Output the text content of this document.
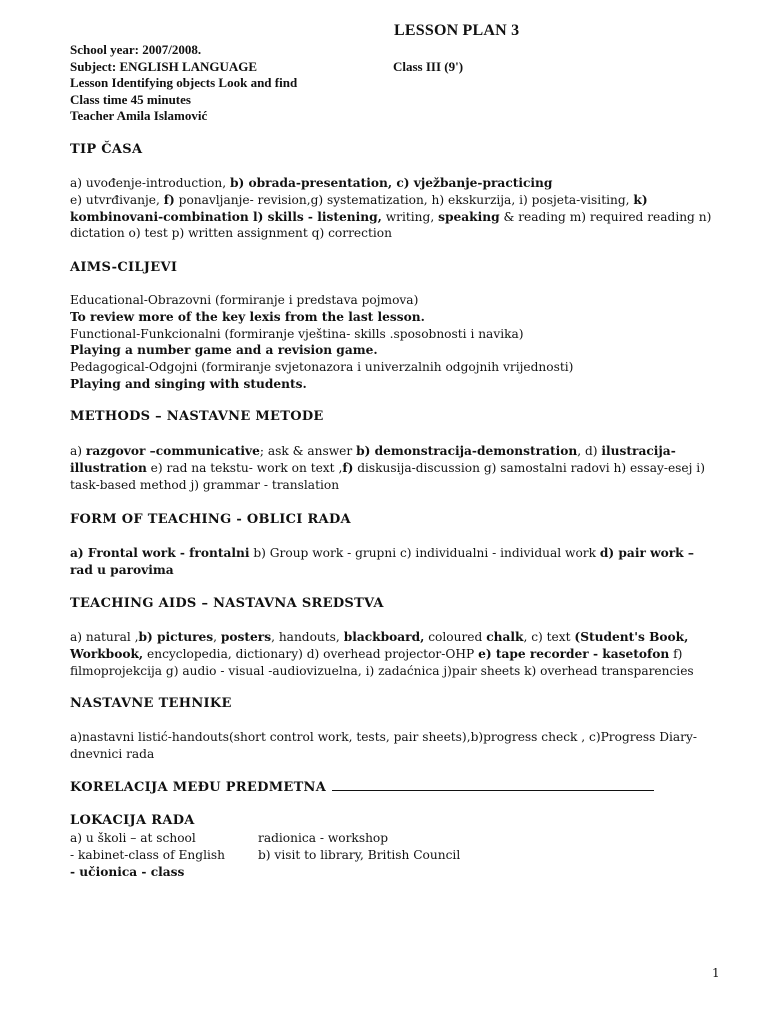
LESSON PLAN 3
School year: 2007/2008.
Subject: ENGLISH LANGUAGE	Class III (9')
Lesson Identifying objects Look and find
Class time 45 minutes
Teacher Amila Islamović
TIP ČASA
a) uvođenje-introduction, b) obrada-presentation, c) vježbanje-practicing
e) utvrđivanje, f) ponavljanje- revision,g) systematization, h) ekskurzija, i) posjeta-visiting, k)
kombinovani-combination l) skills - listening, writing, speaking & reading m) required reading n)
dictation o) test p) written assignment q) correction
AIMS-CILJEVI
Educational-Obrazovni (formiranje i predstava pojmova)
To review more of the key lexis from the last lesson.
Functional-Funkcionalni (formiranje vještina- skills .sposobnosti i navika)
Playing a number game and a revision game.
Pedagogical-Odgojni (formiranje svjetonazora i univerzalnih odgojnih vrijednosti)
Playing and singing with students.
METHODS – NASTAVNE METODE
a) razgovor –communicative; ask & answer b) demonstracija-demonstration, d) ilustracija-
illustration e) rad na tekstu- work on text ,f) diskusija-discussion g) samostalni radovi h) essay-esej i)
task-based method j) grammar - translation
FORM OF TEACHING - OBLICI RADA
a) Frontal work - frontalni b) Group work - grupni c) individualni - individual work d) pair work –
rad u parovima
TEACHING AIDS – NASTAVNA SREDSTVA
a) natural ,b) pictures, posters, handouts, blackboard, coloured chalk, c) text (Student's Book,
Workbook, encyclopedia, dictionary) d) overhead projector-OHP e) tape recorder - kasetofon f)
filmoprojekcija g) audio - visual -audiovizuelna, i) zadaćnica j)pair sheets k) overhead transparencies
NASTAVNE TEHNIKE
a)nastavni listić-handouts(short control work, tests, pair sheets),b)progress check , c)Progress Diary-
dnevnici rada
KORELACIJA MEĐU PREDMETNA
LOKACIJA RADA
a) u školi – at school	radionica - workshop
- kabinet-class of English	b) visit to library, British Council
- učionica - class
1
